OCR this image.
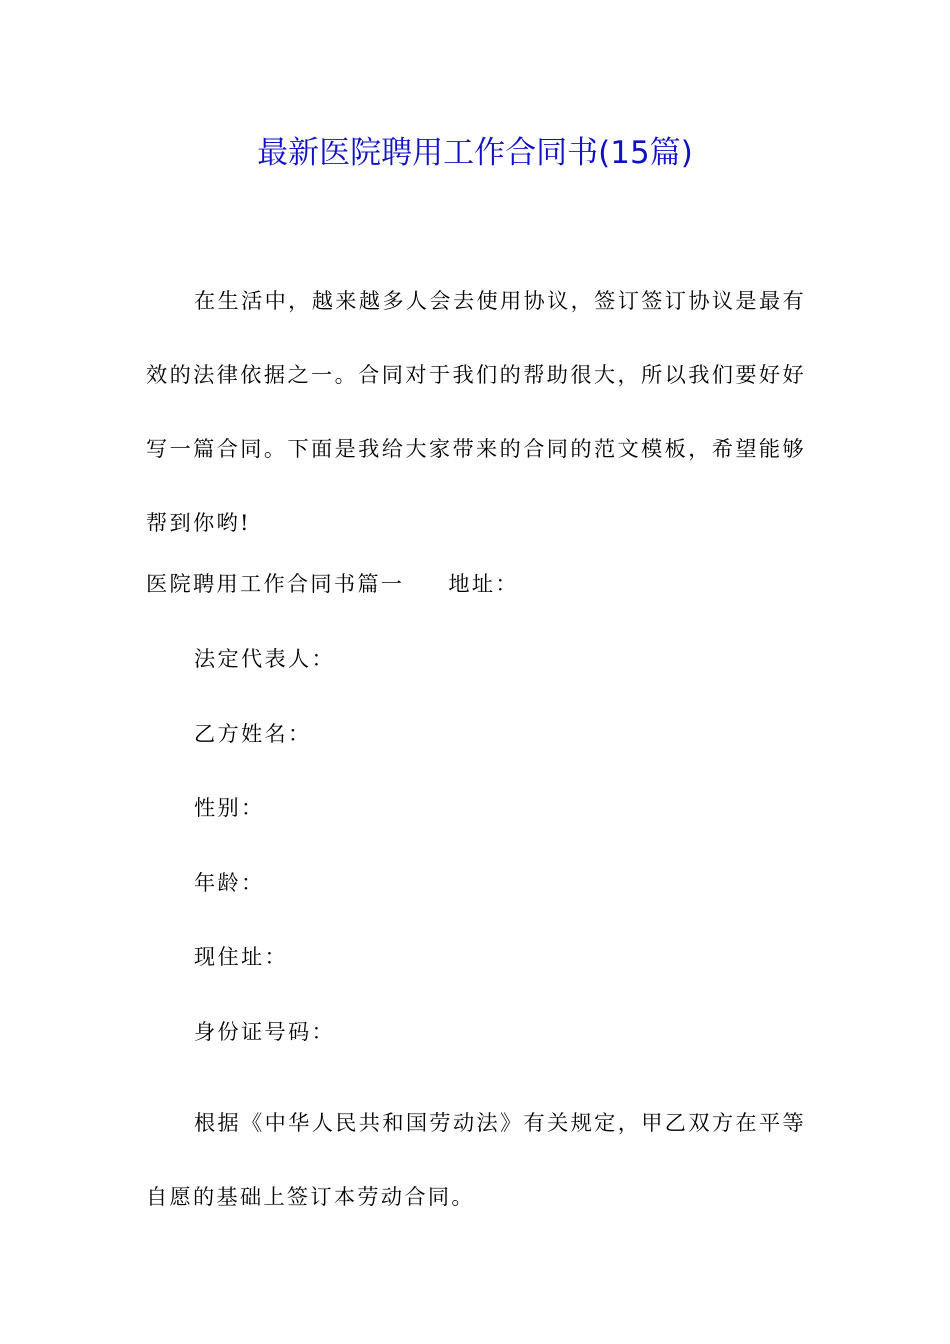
最新医院聘用工作合同书(15篇)

在生活中，越来越多人会去使用协议，签订签订协议是最有效的法律依据之一。合同对于我们的帮助很大，所以我们要好好写一篇合同。下面是我给大家带来的合同的范文模板，希望能够帮到你哟!

医院聘用工作合同书篇一 地址：
法定代表人：
乙方姓名：
性别：
年龄：
现住址：
身份证号码：

根据《中华人民共和国劳动法》有关规定，甲乙双方在平等自愿的基础上签订本劳动合同。
